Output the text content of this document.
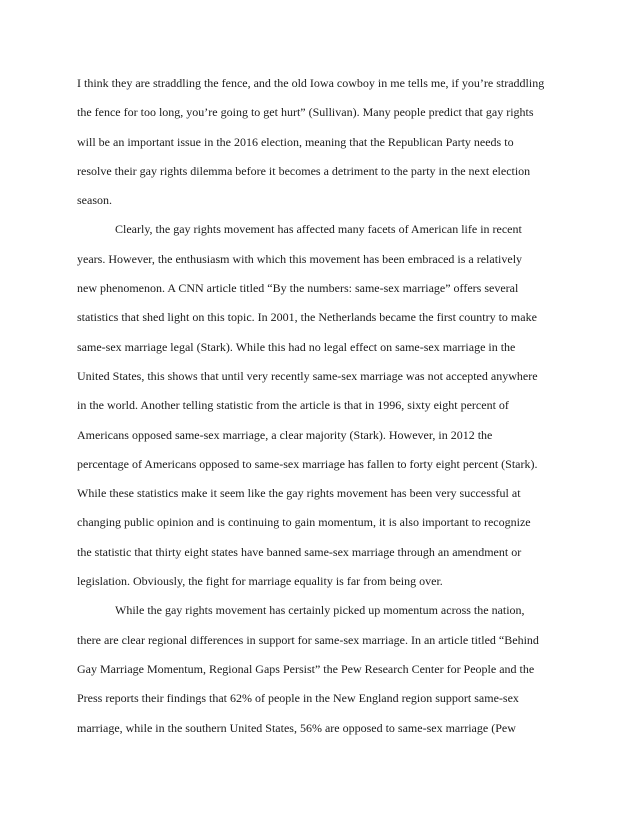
I think they are straddling the fence, and the old Iowa cowboy in me tells me, if you’re straddling
the fence for too long, you’re going to get hurt” (Sullivan). Many people predict that gay rights
will be an important issue in the 2016 election, meaning that the Republican Party needs to
resolve their gay rights dilemma before it becomes a detriment to the party in the next election
season.
Clearly, the gay rights movement has affected many facets of American life in recent
years. However, the enthusiasm with which this movement has been embraced is a relatively
new phenomenon. A CNN article titled “By the numbers: same-sex marriage” offers several
statistics that shed light on this topic. In 2001, the Netherlands became the first country to make
same-sex marriage legal (Stark). While this had no legal effect on same-sex marriage in the
United States, this shows that until very recently same-sex marriage was not accepted anywhere
in the world. Another telling statistic from the article is that in 1996, sixty eight percent of
Americans opposed same-sex marriage, a clear majority (Stark). However, in 2012 the
percentage of Americans opposed to same-sex marriage has fallen to forty eight percent (Stark).
While these statistics make it seem like the gay rights movement has been very successful at
changing public opinion and is continuing to gain momentum, it is also important to recognize
the statistic that thirty eight states have banned same-sex marriage through an amendment or
legislation. Obviously, the fight for marriage equality is far from being over.
While the gay rights movement has certainly picked up momentum across the nation,
there are clear regional differences in support for same-sex marriage. In an article titled “Behind
Gay Marriage Momentum, Regional Gaps Persist” the Pew Research Center for People and the
Press reports their findings that 62% of people in the New England region support same-sex
marriage, while in the southern United States, 56% are opposed to same-sex marriage (Pew
